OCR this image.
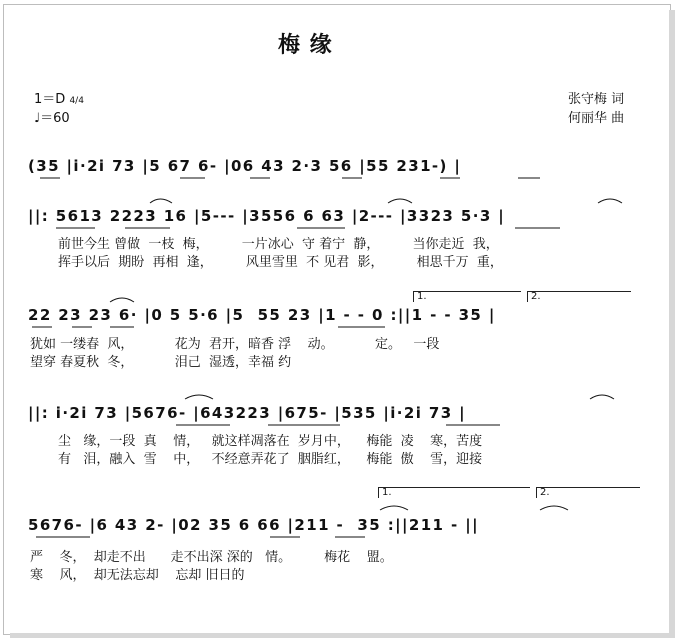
梅 缘
1＝D 4/4
♩＝60
张守梅 词
何丽华 曲
(35 |i·2i 73 |5 67 6- |06 43 2·3 56 |55 231-) |
||: 5613 2223 16 |5--- |3556 6 63 |2--- |3323 5·3 |
前世今生 曾做  一枝  梅，        一片冰心  守 着宁  静，        当你走近  我，
挥手以后  期盼  再相  逢，        风里雪里  不 见君  影，        相思千万  重，
1.	2.
22 23 23 6· |0 5 5·6 |5  55 23 |1 - - 0 :||1 - - 35 |
犹如 一缕春  风，          花为  君开，暗香 浮    动。          定。   一段
望穿 春夏秋  冬，          泪己  湿透，幸福 约
||: i·2i 73 |5676- |643223 |675- |535 |i·2i 73 |
尘   缘，一段  真    情，   就这样凋落在  岁月中，    梅能  凌    寒，苦度
有   泪，融入  雪    中，   不经意弄花了  胭脂红，    梅能  傲    雪，迎接
1.	2.
5676- |6 43 2- |02 35 6 66 |211 -  35 :||211 - ||
严    冬，  却走不出      走不出深 深的   情。        梅花    盟。
寒    风，  却无法忘却    忘却 旧日的
